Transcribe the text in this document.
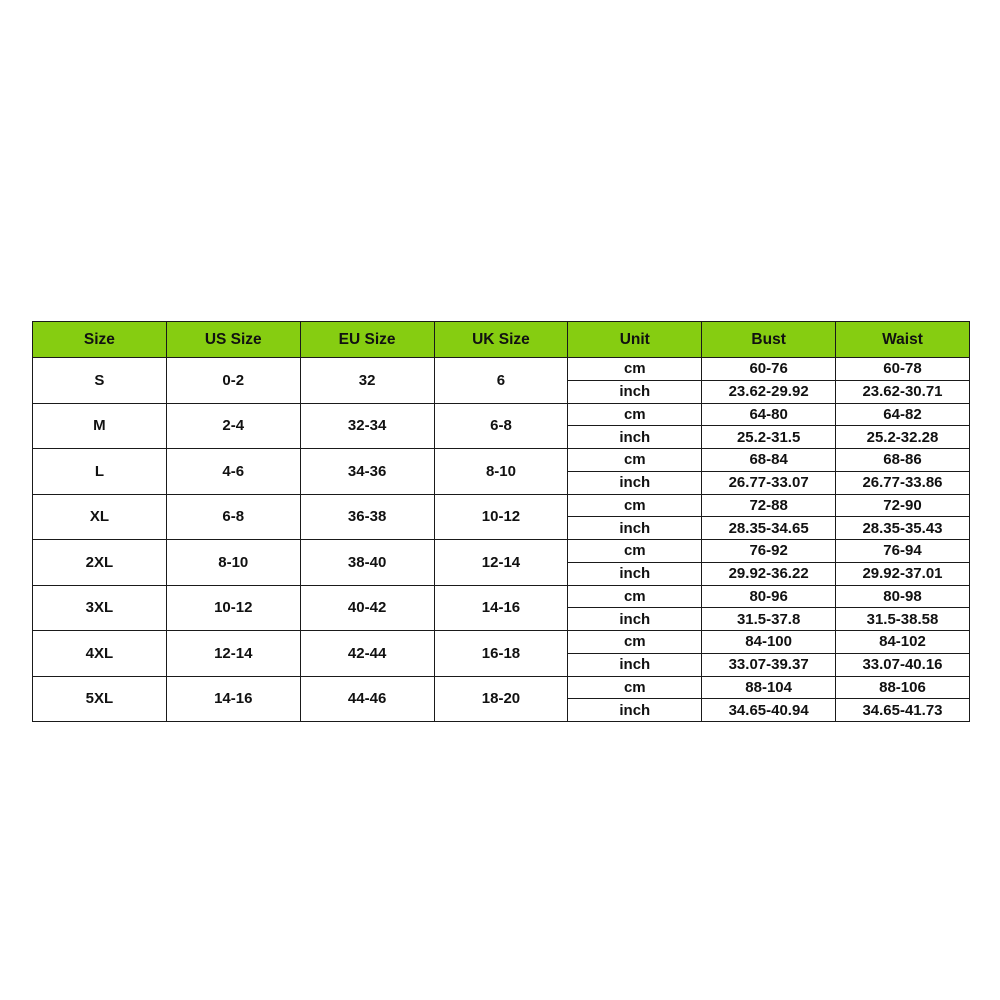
Size	US Size	EU Size	UK Size	Unit	Bust	Waist
S	0-2	32	6	cm	60-76	60-78
				inch	23.62-29.92	23.62-30.71
M	2-4	32-34	6-8	cm	64-80	64-82
				inch	25.2-31.5	25.2-32.28
L	4-6	34-36	8-10	cm	68-84	68-86
				inch	26.77-33.07	26.77-33.86
XL	6-8	36-38	10-12	cm	72-88	72-90
				inch	28.35-34.65	28.35-35.43
2XL	8-10	38-40	12-14	cm	76-92	76-94
				inch	29.92-36.22	29.92-37.01
3XL	10-12	40-42	14-16	cm	80-96	80-98
				inch	31.5-37.8	31.5-38.58
4XL	12-14	42-44	16-18	cm	84-100	84-102
				inch	33.07-39.37	33.07-40.16
5XL	14-16	44-46	18-20	cm	88-104	88-106
				inch	34.65-40.94	34.65-41.73
